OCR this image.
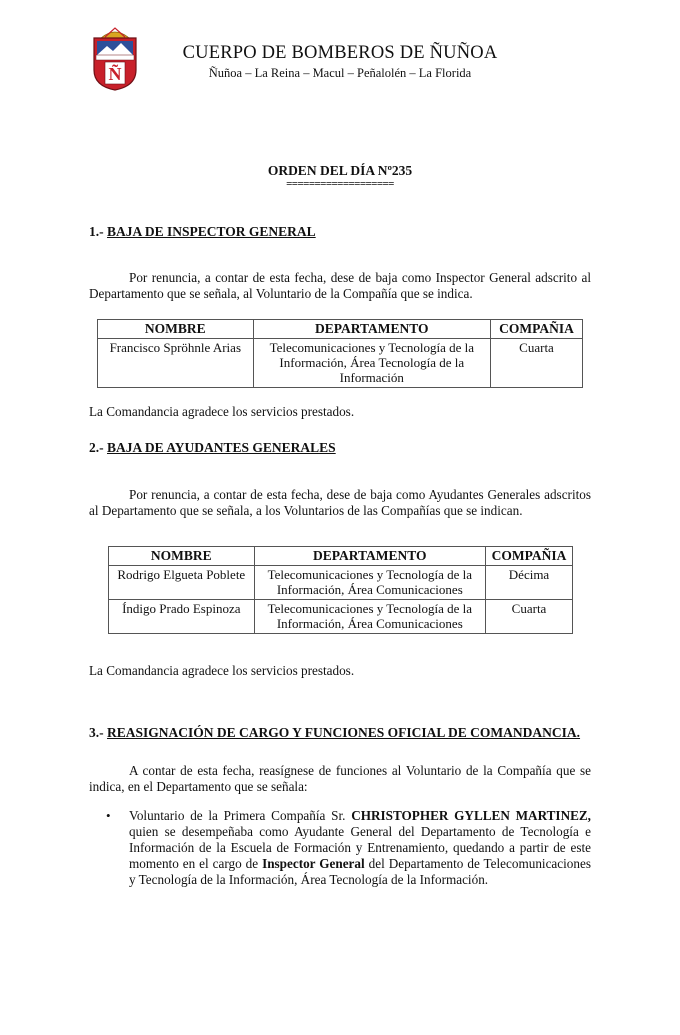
Ñ
CUERPO DE BOMBEROS DE ÑUÑOA
Ñuñoa – La Reina – Macul – Peñalolén – La Florida
ORDEN DEL DÍA Nº235
===================
1.- BAJA DE INSPECTOR GENERAL
Por renuncia, a contar de esta fecha, dese de baja como Inspector General adscrito al Departamento que se señala, al Voluntario de la Compañía que se indica.
NOMBRE	DEPARTAMENTO	COMPAÑIA
Francisco Spröhnle Arias	Telecomunicaciones y Tecnología de la Información, Área Tecnología de la Información	Cuarta
La Comandancia agradece los servicios prestados.
2.- BAJA DE AYUDANTES GENERALES
Por renuncia, a contar de esta fecha, dese de baja como Ayudantes Generales adscritos al Departamento que se señala, a los Voluntarios de las Compañías que se indican.
NOMBRE	DEPARTAMENTO	COMPAÑIA
Rodrigo Elgueta Poblete	Telecomunicaciones y Tecnología de la Información, Área Comunicaciones	Décima
Índigo Prado Espinoza	Telecomunicaciones y Tecnología de la Información, Área Comunicaciones	Cuarta
La Comandancia agradece los servicios prestados.
3.- REASIGNACIÓN DE CARGO Y FUNCIONES OFICIAL DE COMANDANCIA.
A contar de esta fecha, reasígnese de funciones al Voluntario de la Compañía que se indica, en el Departamento que se señala:
• Voluntario de la Primera Compañía Sr. CHRISTOPHER GYLLEN MARTINEZ, quien se desempeñaba como Ayudante General del Departamento de Tecnología e Información de la Escuela de Formación y Entrenamiento, quedando a partir de este momento en el cargo de Inspector General del Departamento de Telecomunicaciones y Tecnología de la Información, Área Tecnología de la Información.
